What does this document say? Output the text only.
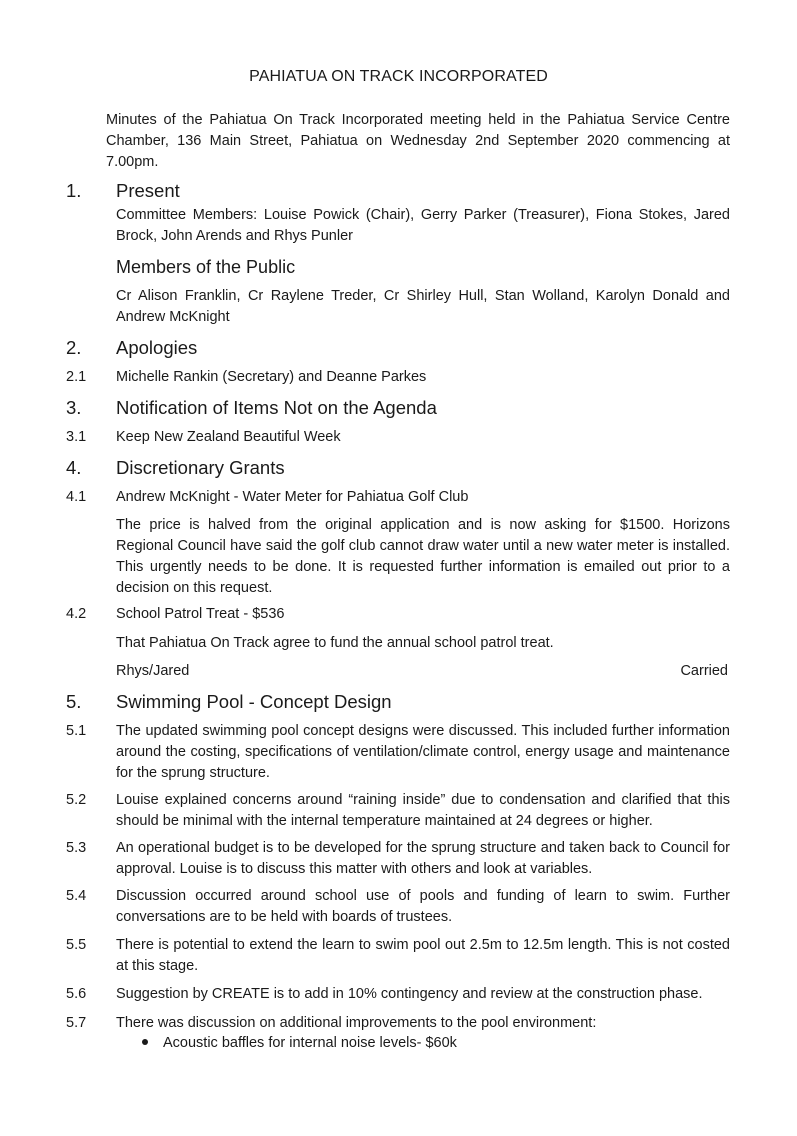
PAHIATUA ON TRACK INCORPORATED
Minutes of the Pahiatua On Track Incorporated meeting held in the Pahiatua Service Centre Chamber, 136 Main Street, Pahiatua on Wednesday 2nd September 2020 commencing at 7.00pm.
1. Present
Committee Members: Louise Powick (Chair), Gerry Parker (Treasurer), Fiona Stokes, Jared Brock, John Arends and Rhys Punler
Members of the Public
Cr Alison Franklin, Cr Raylene Treder, Cr Shirley Hull, Stan Wolland, Karolyn Donald and Andrew McKnight
2. Apologies
2.1 Michelle Rankin (Secretary) and Deanne Parkes
3. Notification of Items Not on the Agenda
3.1 Keep New Zealand Beautiful Week
4. Discretionary Grants
4.1 Andrew McKnight - Water Meter for Pahiatua Golf Club
The price is halved from the original application and is now asking for $1500. Horizons Regional Council have said the golf club cannot draw water until a new water meter is installed. This urgently needs to be done. It is requested further information is emailed out prior to a decision on this request.
4.2 School Patrol Treat - $536
That Pahiatua On Track agree to fund the annual school patrol treat.
Rhys/Jared	Carried
5. Swimming Pool - Concept Design
5.1 The updated swimming pool concept designs were discussed. This included further information around the costing, specifications of ventilation/climate control, energy usage and maintenance for the sprung structure.
5.2 Louise explained concerns around “raining inside” due to condensation and clarified that this should be minimal with the internal temperature maintained at 24 degrees or higher.
5.3 An operational budget is to be developed for the sprung structure and taken back to Council for approval. Louise is to discuss this matter with others and look at variables.
5.4 Discussion occurred around school use of pools and funding of learn to swim. Further conversations are to be held with boards of trustees.
5.5 There is potential to extend the learn to swim pool out 2.5m to 12.5m length. This is not costed at this stage.
5.6 Suggestion by CREATE is to add in 10% contingency and review at the construction phase.
5.7 There was discussion on additional improvements to the pool environment:
Acoustic baffles for internal noise levels- $60k
